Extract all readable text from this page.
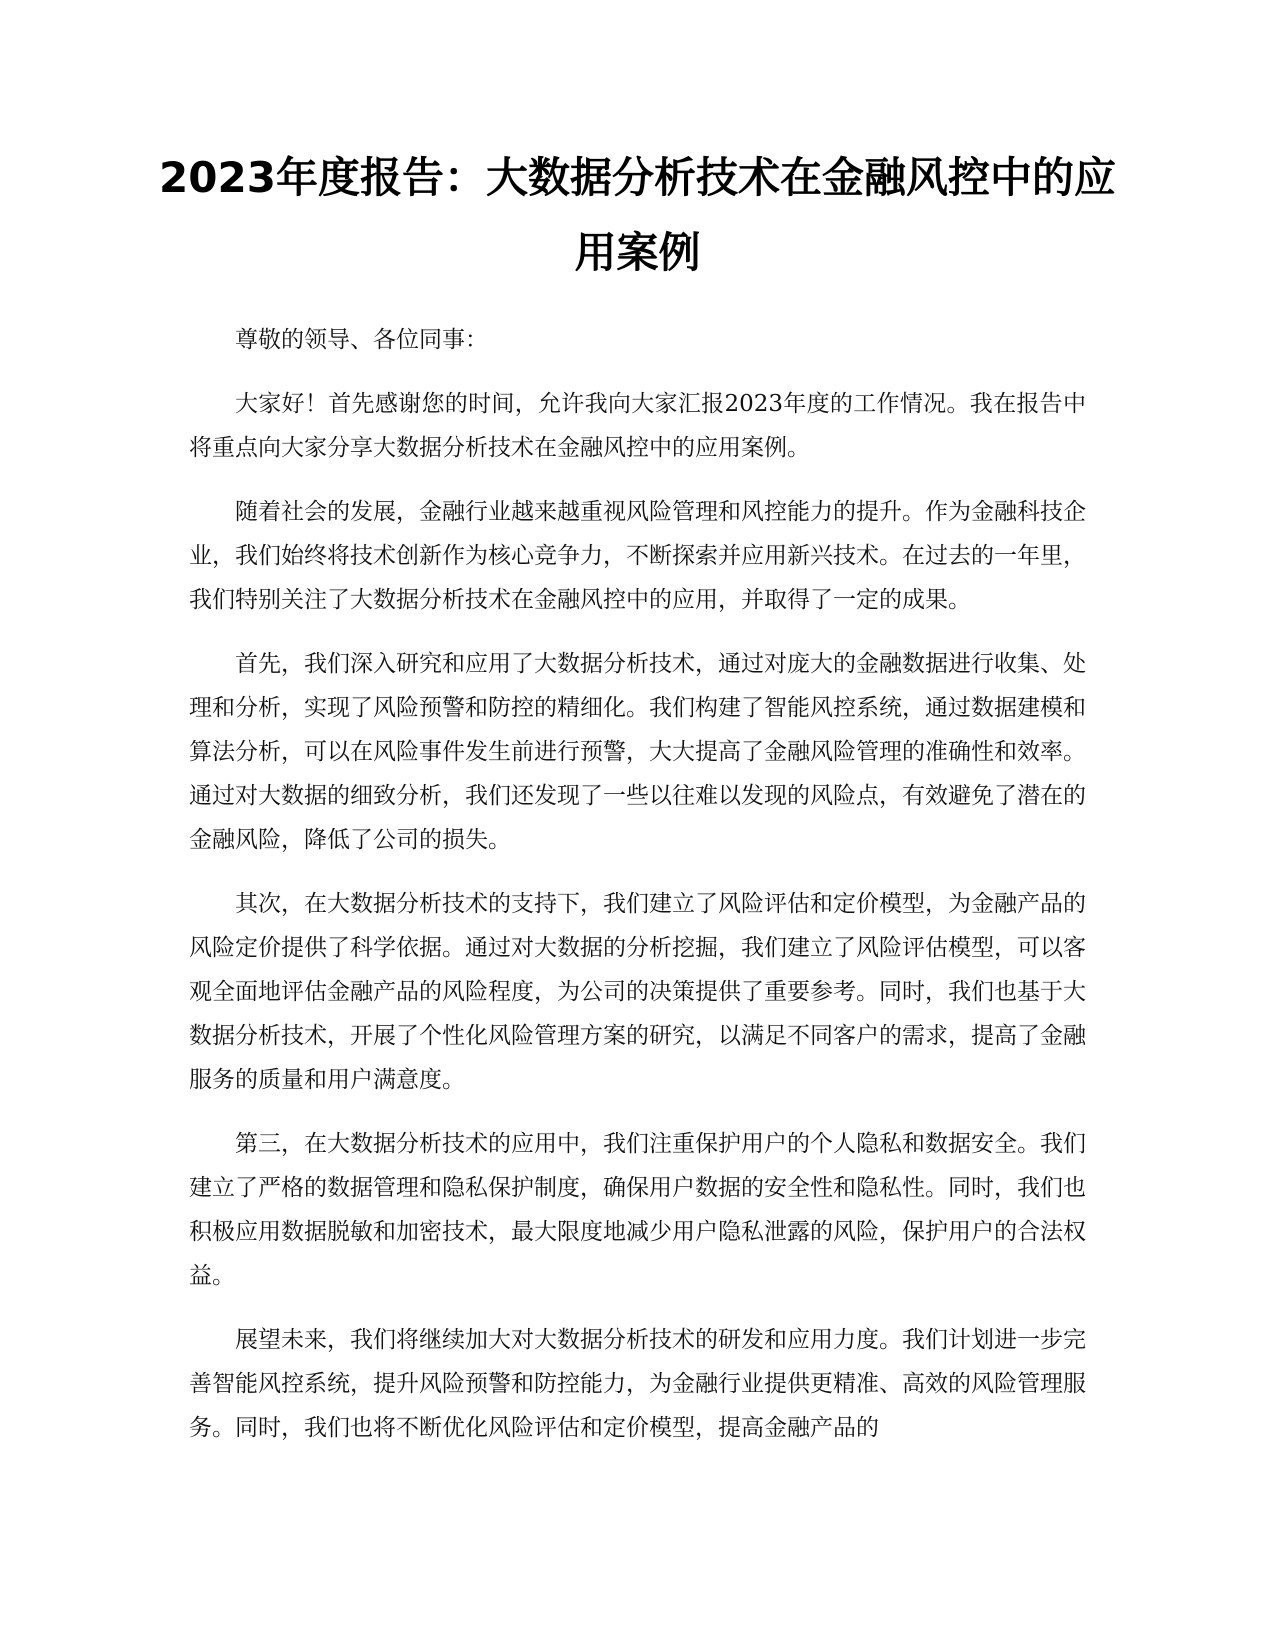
2023年度报告：大数据分析技术在金融风控中的应用案例

尊敬的领导、各位同事：

大家好！首先感谢您的时间，允许我向大家汇报2023年度的工作情况。我在报告中将重点向大家分享大数据分析技术在金融风控中的应用案例。

随着社会的发展，金融行业越来越重视风险管理和风控能力的提升。作为金融科技企业，我们始终将技术创新作为核心竞争力，不断探索并应用新兴技术。在过去的一年里，我们特别关注了大数据分析技术在金融风控中的应用，并取得了一定的成果。

首先，我们深入研究和应用了大数据分析技术，通过对庞大的金融数据进行收集、处理和分析，实现了风险预警和防控的精细化。我们构建了智能风控系统，通过数据建模和算法分析，可以在风险事件发生前进行预警，大大提高了金融风险管理的准确性和效率。通过对大数据的细致分析，我们还发现了一些以往难以发现的风险点，有效避免了潜在的金融风险，降低了公司的损失。

其次，在大数据分析技术的支持下，我们建立了风险评估和定价模型，为金融产品的风险定价提供了科学依据。通过对大数据的分析挖掘，我们建立了风险评估模型，可以客观全面地评估金融产品的风险程度，为公司的决策提供了重要参考。同时，我们也基于大数据分析技术，开展了个性化风险管理方案的研究，以满足不同客户的需求，提高了金融服务的质量和用户满意度。

第三，在大数据分析技术的应用中，我们注重保护用户的个人隐私和数据安全。我们建立了严格的数据管理和隐私保护制度，确保用户数据的安全性和隐私性。同时，我们也积极应用数据脱敏和加密技术，最大限度地减少用户隐私泄露的风险，保护用户的合法权益。

展望未来，我们将继续加大对大数据分析技术的研发和应用力度。我们计划进一步完善智能风控系统，提升风险预警和防控能力，为金融行业提供更精准、高效的风险管理服务。同时，我们也将不断优化风险评估和定价模型，提高金融产品的
